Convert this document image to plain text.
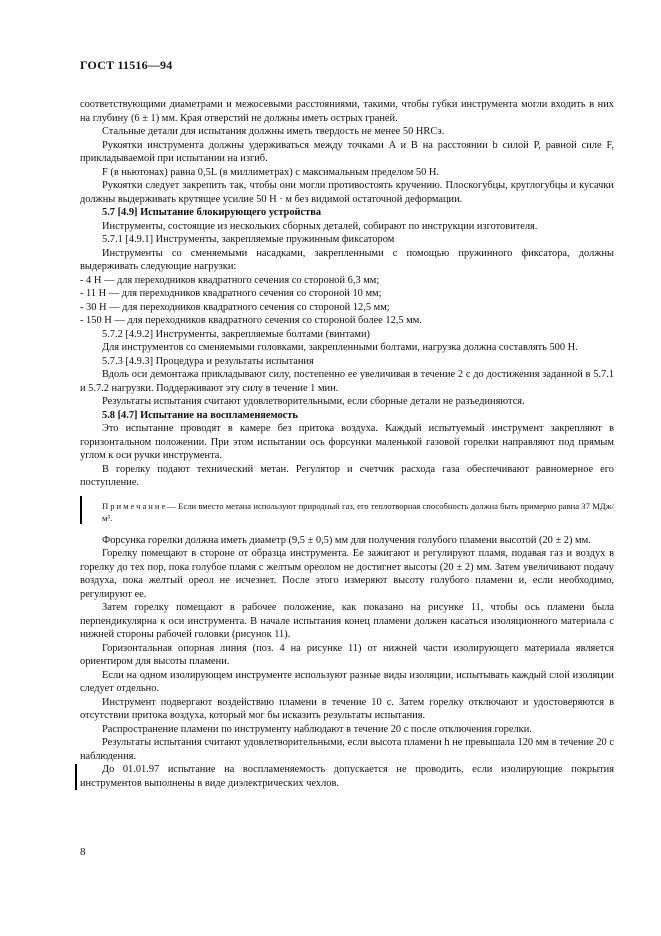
ГОСТ 11516—94

соответствующими диаметрами и межосевыми расстояниями, такими, чтобы губки инструмента могли входить в них на глубину (6 ± 1) мм. Края отверстий не должны иметь острых граней.

Стальные детали для испытания должны иметь твердость не менее 50 HRCэ.

Рукоятки инструмента должны удерживаться между точками A и B на расстоянии b силой P, равной силе F, прикладываемой при испытании на изгиб.

F (в ньютонах) равна 0,5L (в миллиметрах) с максимальным пределом 50 Н.

Рукоятки следует закрепить так, чтобы они могли противостоять кручению. Плоскогубцы, круглогубцы и кусачки должны выдерживать крутящее усилие 50 Н · м без видимой остаточной деформации.

5.7 [4.9] Испытание блокирующего устройства

Инструменты, состоящие из нескольких сборных деталей, собирают по инструкции изготовителя.

5.7.1 [4.9.1] Инструменты, закрепляемые пружинным фиксатором

Инструменты со сменяемыми насадками, закрепленными с помощью пружинного фиксатора, должны выдерживать следующие нагрузки:

- 4 Н — для переходников квадратного сечения со стороной 6,3 мм;

- 11 Н — для переходников квадратного сечения со стороной 10 мм;

- 30 Н — для переходников квадратного сечения со стороной 12,5 мм;

- 150 Н — для переходников квадратного сечения со стороной более 12,5 мм.

5.7.2 [4.9.2] Инструменты, закрепляемые болтами (винтами)

Для инструментов со сменяемыми головками, закрепленными болтами, нагрузка должна составлять 500 Н.

5.7.3 [4.9.3] Процедура и результаты испытания

Вдоль оси демонтажа прикладывают силу, постепенно ее увеличивая в течение 2 с до достижения заданной в 5.7.1 и 5.7.2 нагрузки. Поддерживают эту силу в течение 1 мин.

Результаты испытания считают удовлетворительными, если сборные детали не разъединяются.

5.8 [4.7] Испытание на воспламеняемость

Это испытание проводят в камере без притока воздуха. Каждый испытуемый инструмент закрепляют в горизонтальном положении. При этом испытании ось форсунки маленькой газовой горелки направляют под прямым углом к оси ручки инструмента.

В горелку подают технический метан. Регулятор и счетчик расхода газа обеспечивают равномерное его поступление.

Примечание— Если вместо метана используют природный газ, его теплотворная способность должна быть примерно равна 37 МДж/м³.

Форсунка горелки должна иметь диаметр (9,5 ± 0,5) мм для получения голубого пламени высотой (20 ± 2) мм.

Горелку помещают в стороне от образца инструмента. Ее зажигают и регулируют пламя, подавая газ и воздух в горелку до тех пор, пока голубое пламя с желтым ореолом не достигнет высоты (20 ± 2) мм. Затем увеличивают подачу воздуха, пока желтый ореол не исчезнет. После этого измеряют высоту голубого пламени и, если необходимо, регулируют ее.

Затем горелку помещают в рабочее положение, как показано на рисунке 11, чтобы ось пламени была перпендикулярна к оси инструмента. В начале испытания конец пламени должен касаться изоляционного материала с нижней стороны рабочей головки (рисунок 11).

Горизонтальная опорная линия (поз. 4 на рисунке 11) от нижней части изолирующего материала является ориентиром для высоты пламени.

Если на одном изолирующем инструменте используют разные виды изоляции, испытывать каждый слой изоляции следует отдельно.

Инструмент подвергают воздействию пламени в течение 10 с. Затем горелку отключают и удостоверяются в отсутствии притока воздуха, который мог бы исказить результаты испытания.

Распространение пламени по инструменту наблюдают в течение 20 с после отключения горелки.

Результаты испытания считают удовлетворительными, если высота пламени h не превышала 120 мм в течение 20 с наблюдения.

До 01.01.97 испытание на воспламеняемость допускается не проводить, если изолирующие покрытия инструментов выполнены в виде диэлектрических чехлов.

8
